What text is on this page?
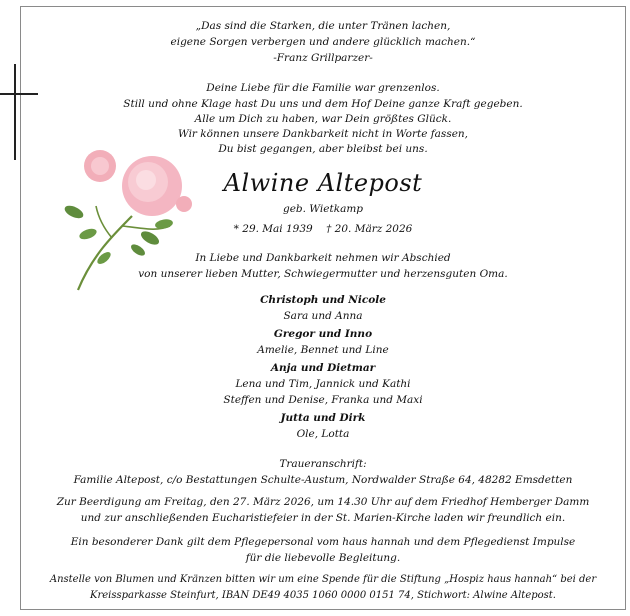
„Das sind die Starken, die unter Tränen lachen,
eigene Sorgen verbergen und andere glücklich machen.“
-Franz Grillparzer-
Deine Liebe für die Familie war grenzenlos.
Still und ohne Klage hast Du uns und dem Hof Deine ganze Kraft gegeben.
Alle um Dich zu haben, war Dein größtes Glück.
Wir können unsere Dankbarkeit nicht in Worte fassen,
Du bist gegangen, aber bleibst bei uns.
Alwine Altepost
geb. Wietkamp
* 29. Mai 1939    † 20. März 2026
In Liebe und Dankbarkeit nehmen wir Abschied
von unserer lieben Mutter, Schwiegermutter und herzensguten Oma.
Christoph und Nicole
Sara und Anna
Gregor und Inno
Amelie, Bennet und Line
Anja und Dietmar
Lena und Tim, Jannick und Kathi
Steffen und Denise, Franka und Maxi
Jutta und Dirk
Ole, Lotta
Traueranschrift:
Familie Altepost, c/o Bestattungen Schulte-Austum, Nordwalder Straße 64, 48282 Emsdetten
Zur Beerdigung am Freitag, den 27. März 2026, um 14.30 Uhr auf dem Friedhof Hemberger Damm
und zur anschließenden Eucharistiefeier in der St. Marien-Kirche laden wir freundlich ein.
Ein besonderer Dank gilt dem Pflegepersonal vom haus hannah und dem Pflegedienst Impulse
für die liebevolle Begleitung.
Anstelle von Blumen und Kränzen bitten wir um eine Spende für die Stiftung „Hospiz haus hannah“ bei der
Kreissparkasse Steinfurt, IBAN DE49 4035 1060 0000 0151 74, Stichwort: Alwine Altepost.
